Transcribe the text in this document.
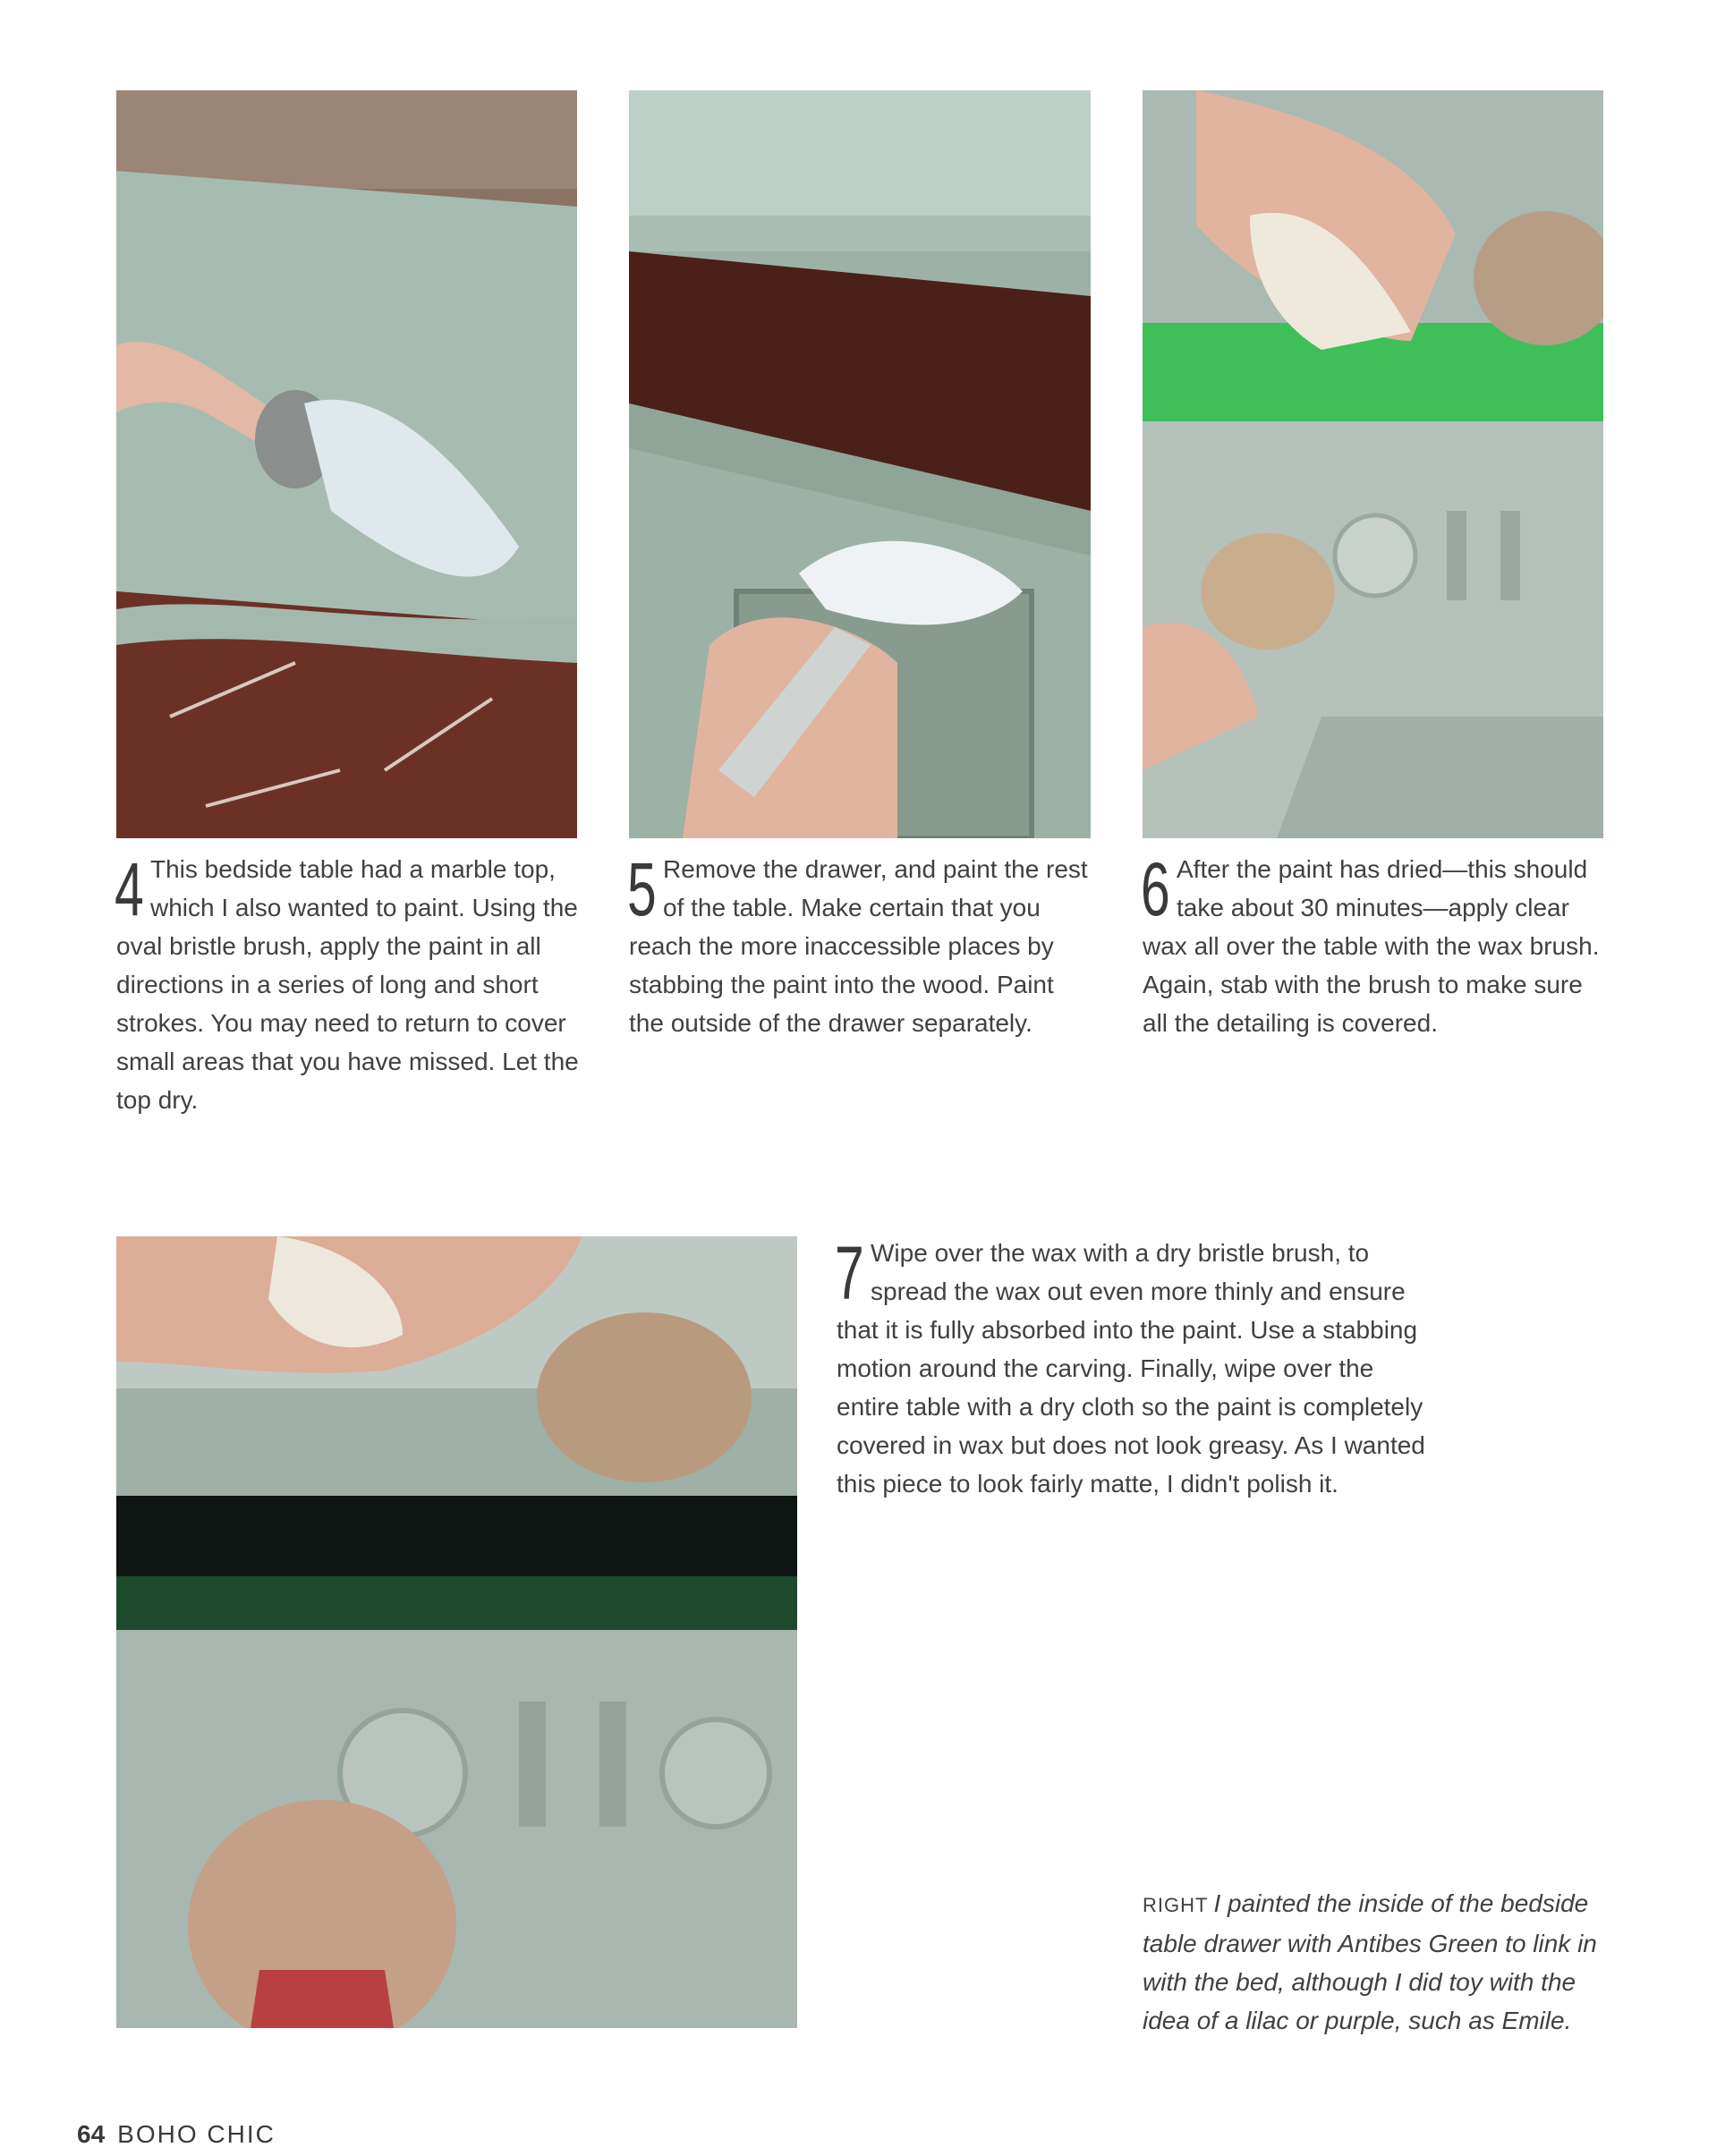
4 This bedside table had a marble top, which I also wanted to paint. Using the oval bristle brush, apply the paint in all directions in a series of long and short strokes. You may need to return to cover small areas that you have missed. Let the top dry.

5 Remove the drawer, and paint the rest of the table. Make certain that you reach the more inaccessible places by stabbing the paint into the wood. Paint the outside of the drawer separately.

6 After the paint has dried—this should take about 30 minutes—apply clear wax all over the table with the wax brush. Again, stab with the brush to make sure all the detailing is covered.

7 Wipe over the wax with a dry bristle brush, to spread the wax out even more thinly and ensure that it is fully absorbed into the paint. Use a stabbing motion around the carving. Finally, wipe over the entire table with a dry cloth so the paint is completely covered in wax but does not look greasy. As I wanted this piece to look fairly matte, I didn't polish it.

RIGHT I painted the inside of the bedside table drawer with Antibes Green to link in with the bed, although I did toy with the idea of a lilac or purple, such as Emile.

64 BOHO CHIC
